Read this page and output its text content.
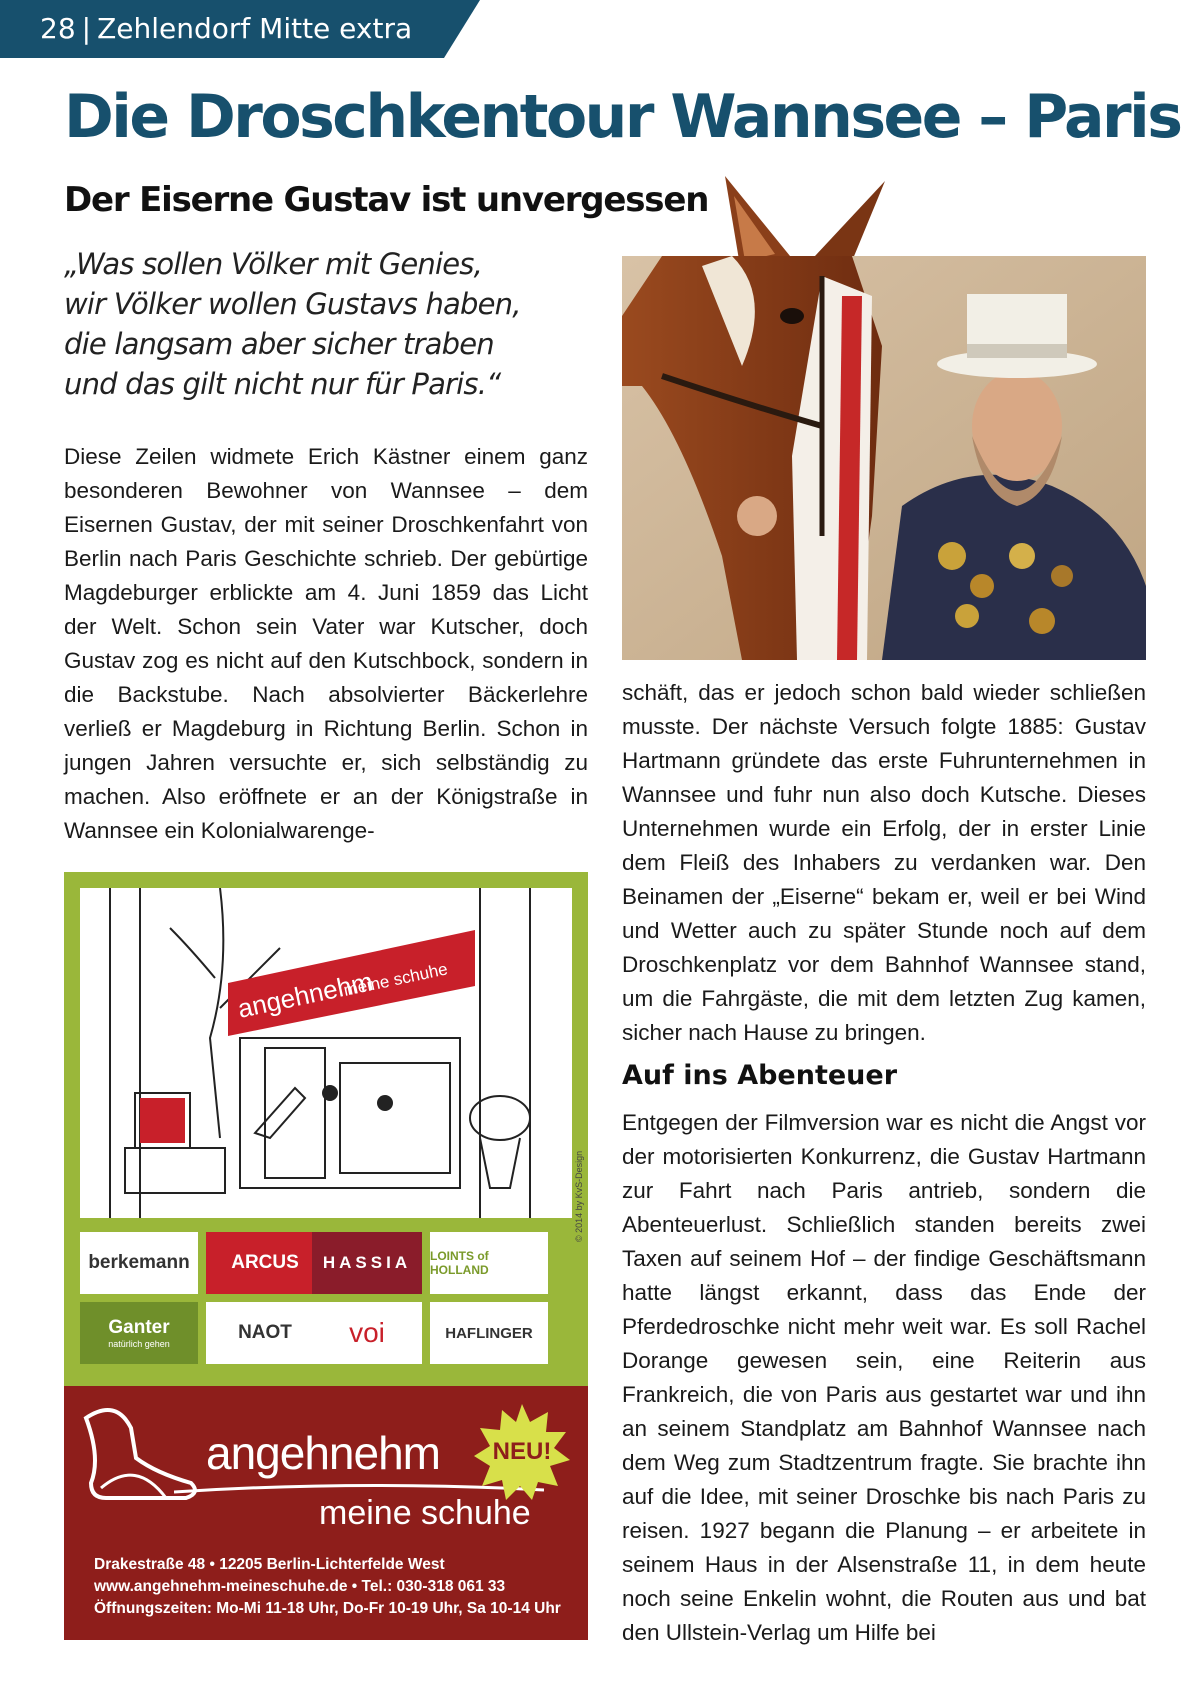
28 | Zehlendorf Mitte extra
Die Droschkentour Wannsee – Paris
Der Eiserne Gustav ist unvergessen
„Was sollen Völker mit Genies,
wir Völker wollen Gustavs haben,
die langsam aber sicher traben
und das gilt nicht nur für Paris.“
Diese Zeilen widmete Erich Kästner einem ganz besonderen Bewohner von Wannsee – dem Eisernen Gustav, der mit seiner Droschkenfahrt von Berlin nach Paris Geschichte schrieb. Der gebürtige Magdeburger erblickte am 4. Juni 1859 das Licht der Welt. Schon sein Vater war Kutscher, doch Gustav zog es nicht auf den Kutschbock, sondern in die Backstube. Nach absolvierter Bäckerlehre verließ er Magdeburg in Richtung Berlin. Schon in jungen Jahren versuchte er, sich selbständig zu machen. Also eröffnete er an der Königstraße in Wannsee ein Kolonialwarenge-
schäft, das er jedoch schon bald wieder schließen musste. Der nächste Versuch folgte 1885: Gustav Hartmann gründete das erste Fuhrunternehmen in Wannsee und fuhr nun also doch Kutsche. Dieses Unternehmen wurde ein Erfolg, der in erster Linie dem Fleiß des Inhabers zu verdanken war. Den Beinamen der „Eiserne“ bekam er, weil er bei Wind und Wetter auch zu später Stunde noch auf dem Droschkenplatz vor dem Bahnhof Wannsee stand, um die Fahrgäste, die mit dem letzten Zug kamen, sicher nach Hause zu bringen.
Auf ins Abenteuer
Entgegen der Filmversion war es nicht die Angst vor der motorisierten Konkurrenz, die Gustav Hartmann zur Fahrt nach Paris antrieb, sondern die Abenteuerlust. Schließlich standen bereits zwei Taxen auf seinem Hof – der findige Geschäftsmann hatte längst erkannt, dass das Ende der Pferdedroschke nicht mehr weit war. Es soll Rachel Dorange gewesen sein, eine Reiterin aus Frankreich, die von Paris aus gestartet war und ihn an seinem Standplatz am Bahnhof Wannsee nach dem Weg zum Stadtzentrum fragte. Sie brachte ihn auf die Idee, mit seiner Droschke bis nach Paris zu reisen. 1927 begann die Planung – er arbeitete in seinem Haus in der Alsenstraße 11, in dem heute noch seine Enkelin wohnt, die Routen aus und bat den Ullstein-Verlag um Hilfe bei
angehnehm
meine schuhe
berkemann	ARCUS	HASSIA	LOINTS of HOLLAND
Ganter
natürlich gehen
NAOT	voi	HAFLINGER
© 2014 by KvS-Design
angehnehm
meine schuhe
NEU!
Drakestraße 48 • 12205 Berlin-Lichterfelde West
www.angehnehm-meineschuhe.de • Tel.: 030-318 061 33
Öffnungszeiten: Mo-Mi 11-18 Uhr, Do-Fr 10-19 Uhr, Sa 10-14 Uhr
